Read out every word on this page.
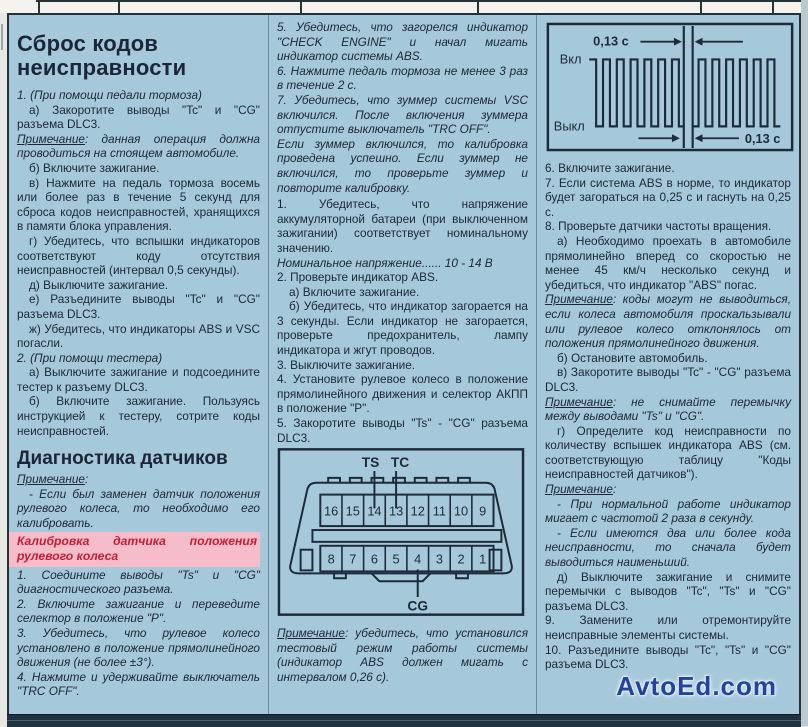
Сброс кодов неисправности

1. (При помощи педали тормоза)

а) Закоротите выводы "Tc" и "CG" разъема DLC3.

Примечание: данная операция должна проводиться на стоящем автомобиле.

б) Включите зажигание.

в) Нажмите на педаль тормоза восемь или более раз в течение 5 секунд для сброса кодов неисправностей, хранящихся в памяти блока управления.

г) Убедитесь, что вспышки индикаторов соответствуют коду отсутствия неисправностей (интервал 0,5 секунды).

д) Выключите зажигание.

е) Разъедините выводы "Tc" и "CG" разъема DLC3.

ж) Убедитесь, что индикаторы ABS и VSC погасли.

2. (При помощи тестера)

а) Выключите зажигание и подсоедините тестер к разъему DLC3.

б) Включите зажигание. Пользуясь инструкцией к тестеру, сотрите коды неисправностей.

Диагностика датчиков

Примечание:

- Если был заменен датчик положения рулевого колеса, то необходимо его калибровать.

Калибровка датчика положения рулевого колеса

1. Соедините выводы "Ts" и "CG" диагностического разъема.

2. Включите зажигание и переведите селектор в положение "P".

3. Убедитесь, что рулевое колесо установлено в положение прямолинейного движения (не более ±3°).

4. Нажмите и удерживайте выключатель "TRC OFF".

5. Убедитесь, что загорелся индикатор "CHECK ENGINE" и начал мигать индикатор системы ABS.

6. Нажмите педаль тормоза не менее 3 раз в течение 2 с.

7. Убедитесь, что зуммер системы VSC включился. После включения зуммера отпустите выключатель "TRC OFF".

Если зуммер включился, то калибровка проведена успешно. Если зуммер не включился, то проверьте зуммер и повторите калибровку.

1. Убедитесь, что напряжение аккумуляторной батареи (при выключенном зажигании) соответствует номинальному значению.

Номинальное напряжение...... 10 - 14 В

2. Проверьте индикатор ABS.

а) Включите зажигание.

б) Убедитесь, что индикатор загорается на 3 секунды. Если индикатор не загорается, проверьте предохранитель, лампу индикатора и жгут проводов.

3. Выключите зажигание.

4. Установите рулевое колесо в положение прямолинейного движения и селектор АКПП в положение "P".

5. Закоротите выводы "Ts" - "CG" разъема DLC3.

16 15 14 13 12 11 10 9
8 7 6 5 4 3 2 1
TS TC
CG

Примечание: убедитесь, что установился тестовый режим работы системы (индикатор ABS должен мигать с интервалом 0,26 с).

Вкл
Выкл
0,13 с
0,13 с

6. Включите зажигание.

7. Если система ABS в норме, то индикатор будет загораться на 0,25 с и гаснуть на 0,25 с.

8. Проверьте датчики частоты вращения.

а) Необходимо проехать в автомобиле прямолинейно вперед со скоростью не менее 45 км/ч несколько секунд и убедиться, что индикатор "ABS" погас.

Примечание: коды могут не выводиться, если колеса автомобиля проскальзывали или рулевое колесо отклонялось от положения прямолинейного движения.

б) Остановите автомобиль.

в) Закоротите выводы "Tc" - "CG" разъема DLC3.

Примечание: не снимайте перемычку между выводами "Ts" и "CG".

г) Определите код неисправности по количеству вспышек индикатора ABS (см. соответствующую таблицу "Коды неисправностей датчиков").

Примечание:

- При нормальной работе индикатор мигает с частотой 2 раза в секунду.

- Если имеются два или более кода неисправности, то сначала будет выводиться наименьший.

д) Выключите зажигание и снимите перемычки с выводов "Tc", "Ts" и "CG" разъема DLC3.

9. Замените или отремонтируйте неисправные элементы системы.

10. Разъедините выводы "Tc", "Ts" и "CG" разъема DLC3.

AvtoEd.com
